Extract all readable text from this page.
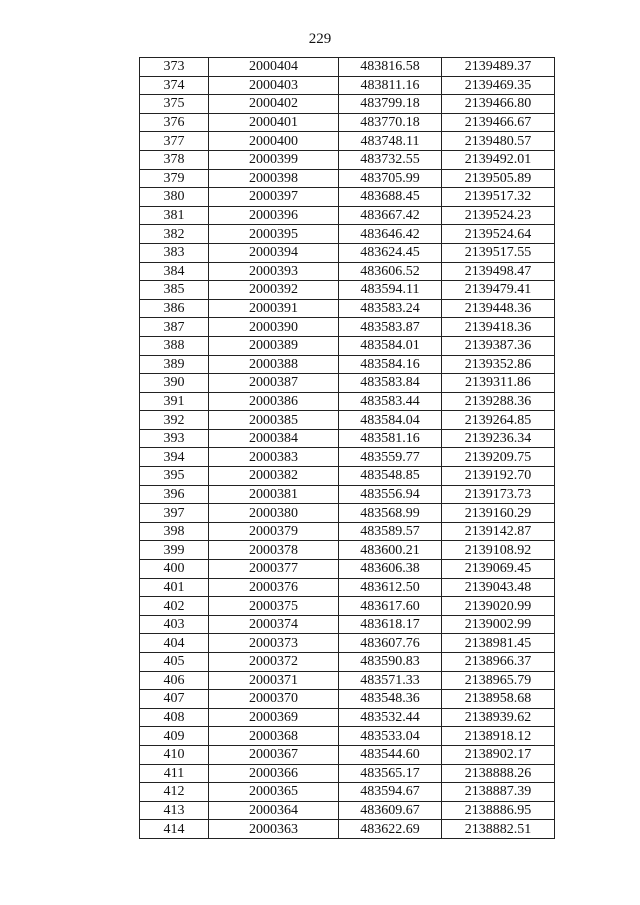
229
373	2000404	483816.58	2139489.37
374	2000403	483811.16	2139469.35
375	2000402	483799.18	2139466.80
376	2000401	483770.18	2139466.67
377	2000400	483748.11	2139480.57
378	2000399	483732.55	2139492.01
379	2000398	483705.99	2139505.89
380	2000397	483688.45	2139517.32
381	2000396	483667.42	2139524.23
382	2000395	483646.42	2139524.64
383	2000394	483624.45	2139517.55
384	2000393	483606.52	2139498.47
385	2000392	483594.11	2139479.41
386	2000391	483583.24	2139448.36
387	2000390	483583.87	2139418.36
388	2000389	483584.01	2139387.36
389	2000388	483584.16	2139352.86
390	2000387	483583.84	2139311.86
391	2000386	483583.44	2139288.36
392	2000385	483584.04	2139264.85
393	2000384	483581.16	2139236.34
394	2000383	483559.77	2139209.75
395	2000382	483548.85	2139192.70
396	2000381	483556.94	2139173.73
397	2000380	483568.99	2139160.29
398	2000379	483589.57	2139142.87
399	2000378	483600.21	2139108.92
400	2000377	483606.38	2139069.45
401	2000376	483612.50	2139043.48
402	2000375	483617.60	2139020.99
403	2000374	483618.17	2139002.99
404	2000373	483607.76	2138981.45
405	2000372	483590.83	2138966.37
406	2000371	483571.33	2138965.79
407	2000370	483548.36	2138958.68
408	2000369	483532.44	2138939.62
409	2000368	483533.04	2138918.12
410	2000367	483544.60	2138902.17
411	2000366	483565.17	2138888.26
412	2000365	483594.67	2138887.39
413	2000364	483609.67	2138886.95
414	2000363	483622.69	2138882.51
